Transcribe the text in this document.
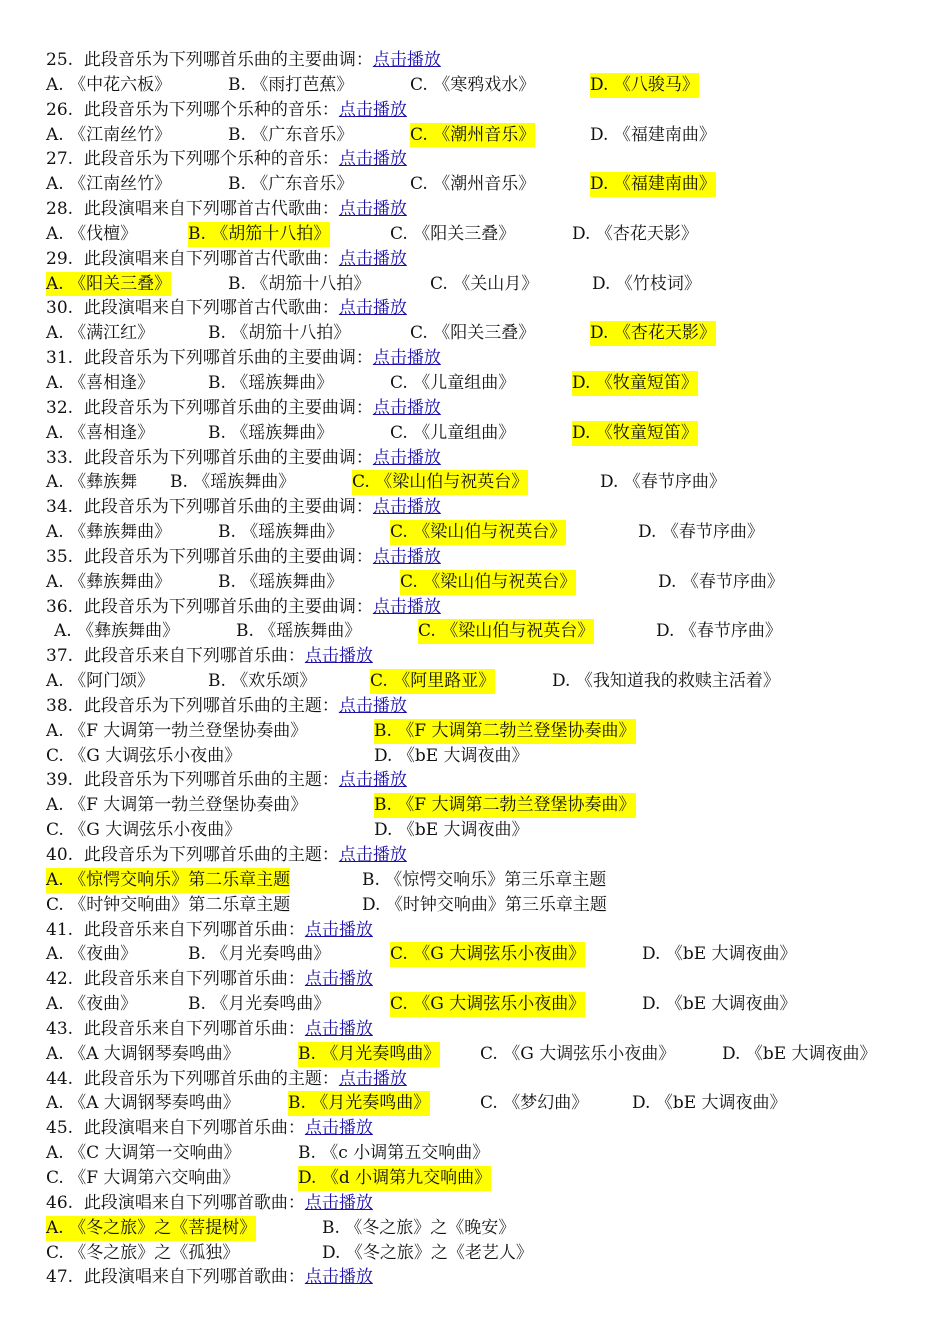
25.  此段音乐为下列哪首乐曲的主要曲调：点击播放
A. 《中花六板》	B. 《雨打芭蕉》	C. 《寒鸦戏水》	D. 《八骏马》
26.  此段音乐为下列哪个乐种的音乐：点击播放
A. 《江南丝竹》	B. 《广东音乐》	C. 《潮州音乐》	D. 《福建南曲》
27.  此段音乐为下列哪个乐种的音乐：点击播放
A. 《江南丝竹》	B. 《广东音乐》	C. 《潮州音乐》	D. 《福建南曲》
28.  此段演唱来自下列哪首古代歌曲：点击播放
A. 《伐檀》	B. 《胡笳十八拍》	C. 《阳关三叠》	D. 《杏花天影》
29.  此段演唱来自下列哪首古代歌曲：点击播放
A. 《阳关三叠》	B. 《胡笳十八拍》	C. 《关山月》	D. 《竹枝词》
30.  此段演唱来自下列哪首古代歌曲：点击播放
A. 《满江红》	B. 《胡笳十八拍》	C. 《阳关三叠》	D. 《杏花天影》
31.  此段音乐为下列哪首乐曲的主要曲调：点击播放
A. 《喜相逢》	B. 《瑶族舞曲》	C. 《儿童组曲》	D. 《牧童短笛》
32.  此段音乐为下列哪首乐曲的主要曲调：点击播放
A. 《喜相逢》	B. 《瑶族舞曲》	C. 《儿童组曲》	D. 《牧童短笛》
33.  此段音乐为下列哪首乐曲的主要曲调：点击播放
A. 《彝族舞 B. 《瑶族舞曲》	C. 《梁山伯与祝英台》	D. 《春节序曲》
34.  此段音乐为下列哪首乐曲的主要曲调：点击播放
A. 《彝族舞曲》	B. 《瑶族舞曲》	C. 《梁山伯与祝英台》	D. 《春节序曲》
35.  此段音乐为下列哪首乐曲的主要曲调：点击播放
A. 《彝族舞曲》	B. 《瑶族舞曲》	C. 《梁山伯与祝英台》	D. 《春节序曲》
36.  此段音乐为下列哪首乐曲的主要曲调：点击播放
A. 《彝族舞曲》	B. 《瑶族舞曲》	C. 《梁山伯与祝英台》	D. 《春节序曲》
37.  此段音乐来自下列哪首乐曲：点击播放
A. 《阿门颂》	B. 《欢乐颂》	C. 《阿里路亚》	D. 《我知道我的救赎主活着》
38.  此段音乐为下列哪首乐曲的主题：点击播放
A. 《F 大调第一勃兰登堡协奏曲》	B. 《F 大调第二勃兰登堡协奏曲》
C. 《G 大调弦乐小夜曲》	D. 《bE 大调夜曲》
39.  此段音乐为下列哪首乐曲的主题：点击播放
A. 《F 大调第一勃兰登堡协奏曲》	B. 《F 大调第二勃兰登堡协奏曲》
C. 《G 大调弦乐小夜曲》	D. 《bE 大调夜曲》
40.  此段音乐为下列哪首乐曲的主题：点击播放
A. 《惊愕交响乐》第二乐章主题	B. 《惊愕交响乐》第三乐章主题
C. 《时钟交响曲》第二乐章主题	D. 《时钟交响曲》第三乐章主题
41.  此段音乐来自下列哪首乐曲：点击播放
A. 《夜曲》	B. 《月光奏鸣曲》	C. 《G 大调弦乐小夜曲》	D. 《bE 大调夜曲》
42.  此段音乐来自下列哪首乐曲：点击播放
A. 《夜曲》	B. 《月光奏鸣曲》	C. 《G 大调弦乐小夜曲》	D. 《bE 大调夜曲》
43.  此段音乐来自下列哪首乐曲：点击播放
A. 《A 大调钢琴奏鸣曲》	B. 《月光奏鸣曲》 C. 《G 大调弦乐小夜曲》	D. 《bE 大调夜曲》
44.  此段音乐为下列哪首乐曲的主题：点击播放
A. 《A 大调钢琴奏鸣曲》	B. 《月光奏鸣曲》	C. 《梦幻曲》	D. 《bE 大调夜曲》
45.  此段演唱来自下列哪首乐曲：点击播放
A. 《C 大调第一交响曲》	B. 《c 小调第五交响曲》
C. 《F 大调第六交响曲》	D. 《d 小调第九交响曲》
46.  此段演唱来自下列哪首歌曲：点击播放
A. 《冬之旅》之《菩提树》	B. 《冬之旅》之《晚安》
C. 《冬之旅》之《孤独》	D. 《冬之旅》之《老艺人》
47.  此段演唱来自下列哪首歌曲：点击播放
